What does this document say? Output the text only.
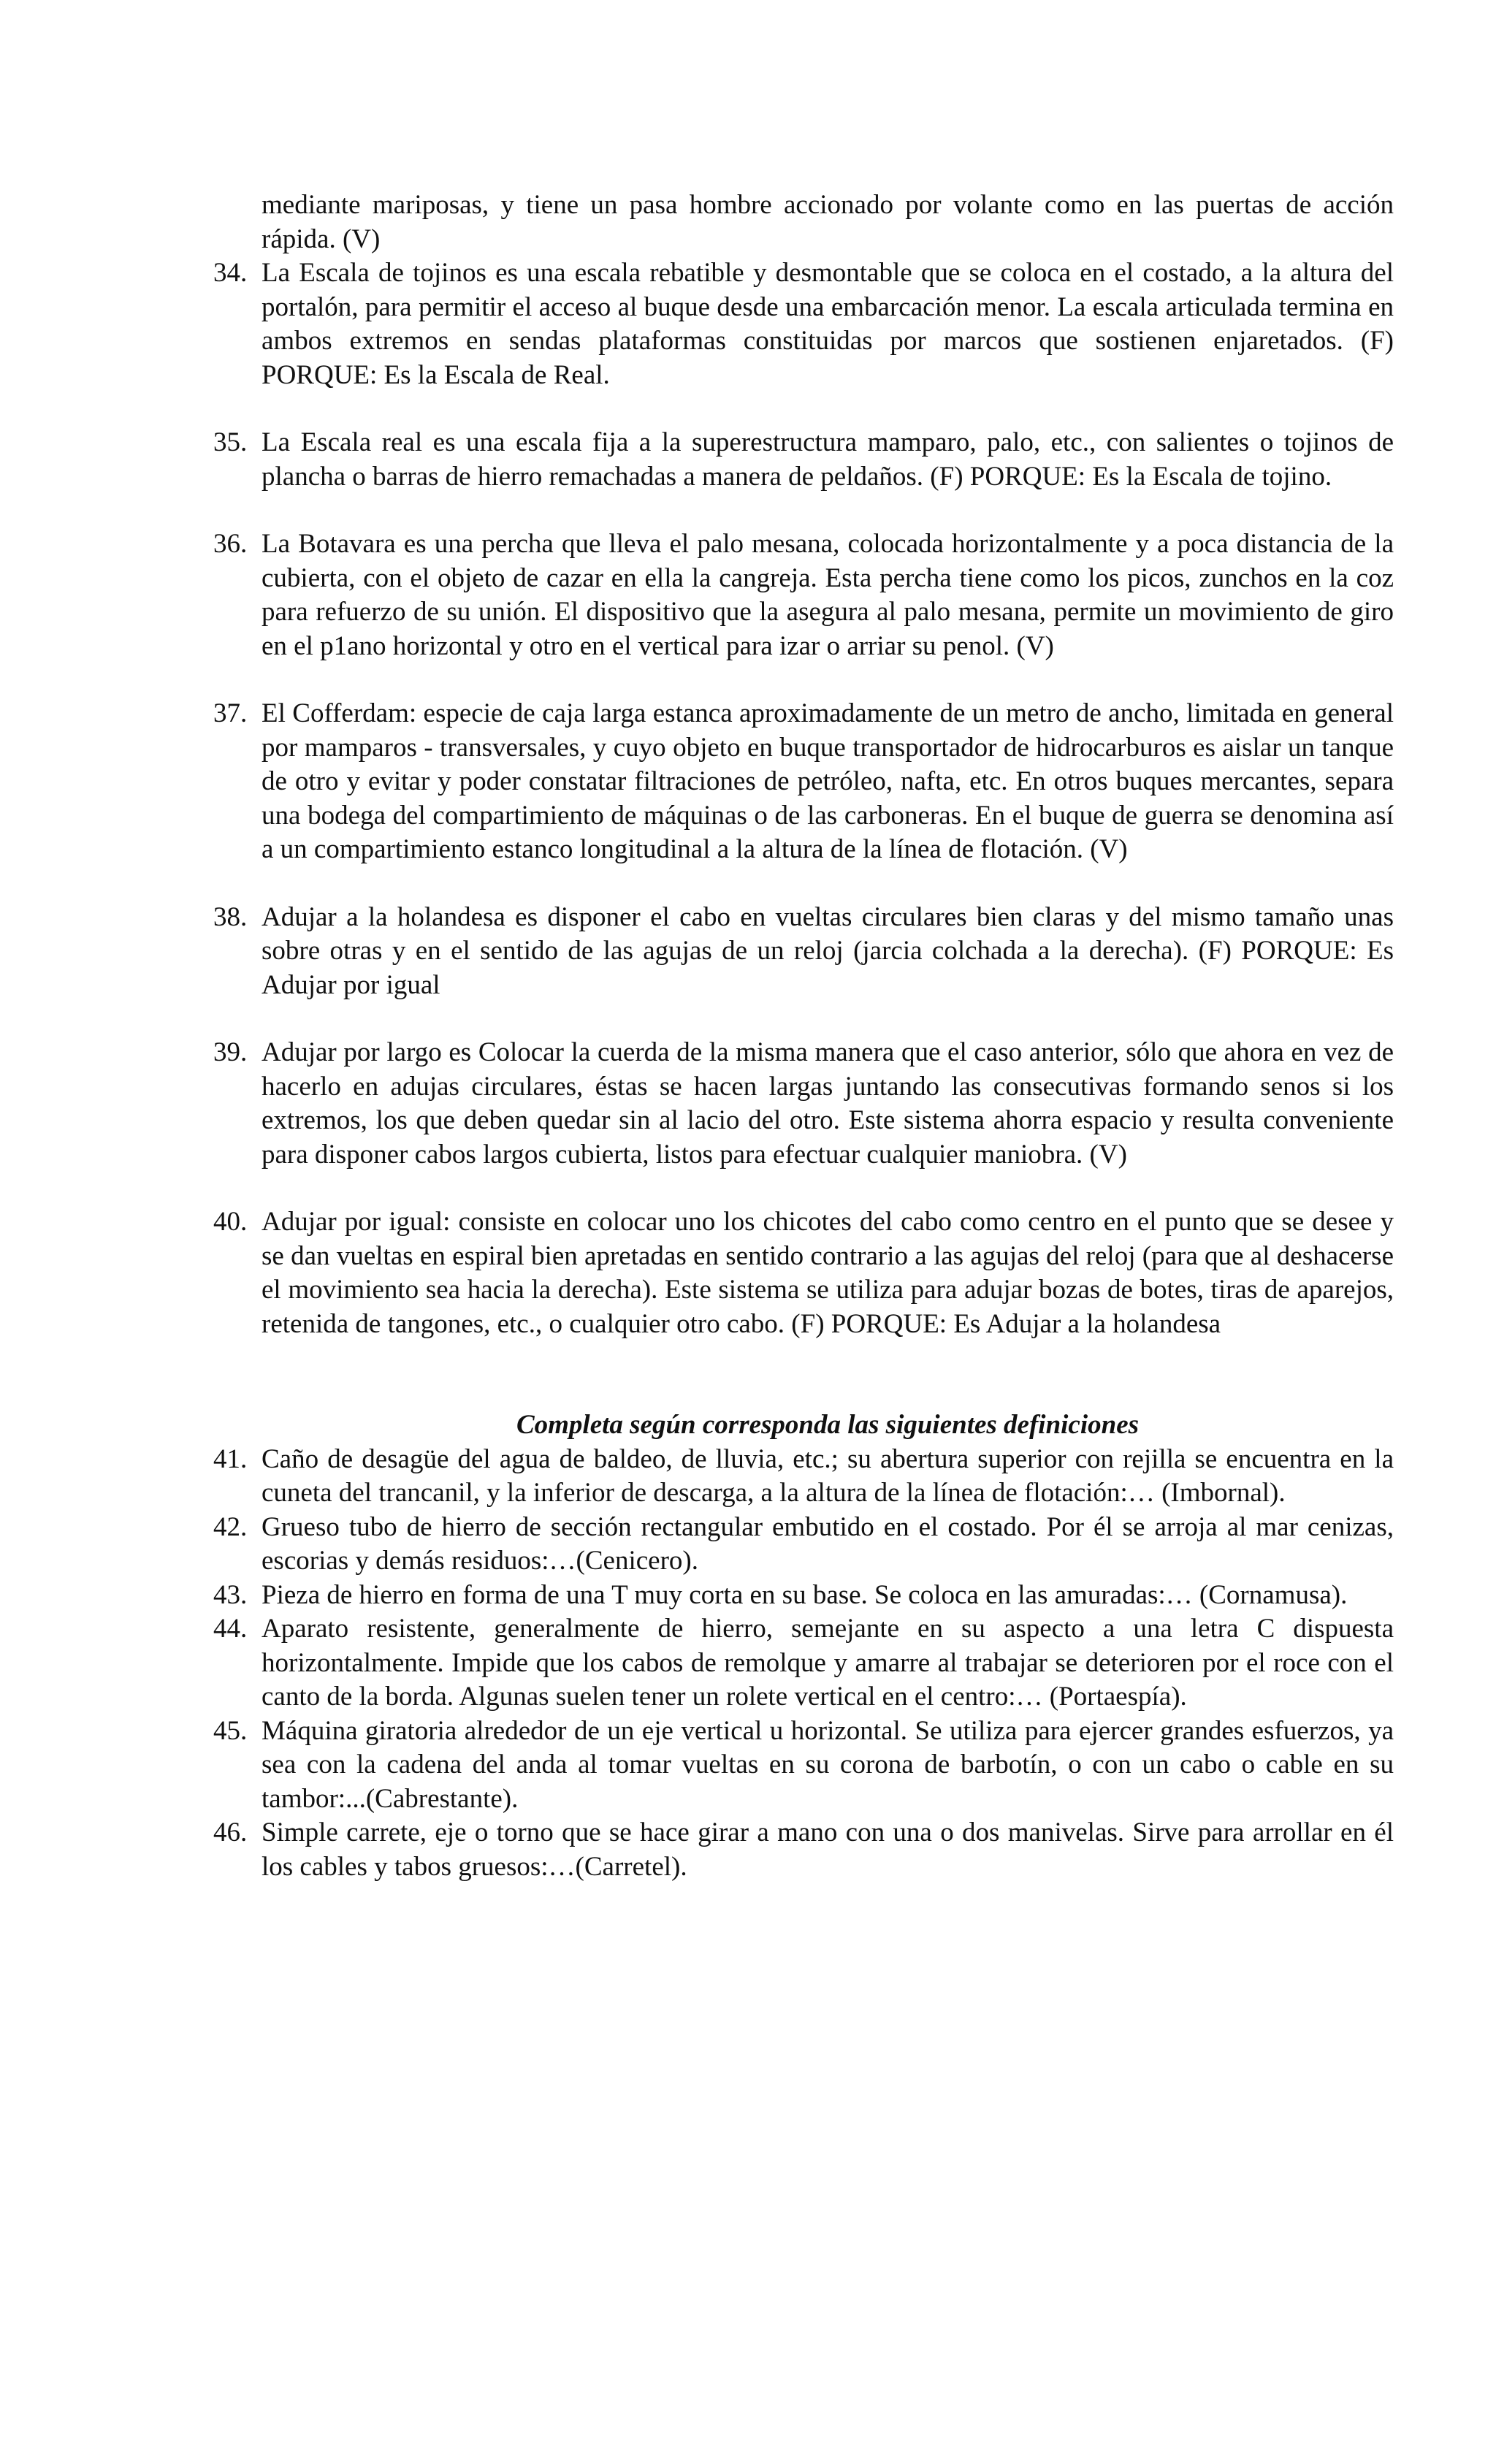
mediante mariposas, y tiene un pasa hombre accionado por volante como en las puertas de acción rápida. (V)

34. La Escala de tojinos es una escala rebatible y desmontable que se coloca en el costado, a la altura del portalón, para permitir el acceso al buque desde una embarcación menor. La escala articulada termina en ambos extremos en sendas plataformas constituidas por marcos que sostienen enjaretados. (F) PORQUE: Es la Escala de Real.
35. La Escala real es una escala fija a la superestructura mamparo, palo, etc., con salientes o tojinos de plancha o barras de hierro remachadas a manera de peldaños. (F) PORQUE: Es la Escala de tojino.
36. La Botavara es una percha que lleva el palo mesana, colocada horizontalmente y a poca distancia de la cubierta, con el objeto de cazar en ella la cangreja. Esta percha tiene como los picos, zunchos en la coz para refuerzo de su unión. El dispositivo que la asegura al palo mesana, permite un movimiento de giro en el p1ano horizontal y otro en el vertical para izar o arriar su penol. (V)
37. El Cofferdam: especie de caja larga estanca aproximadamente de un metro de ancho, limitada en general por mamparos - transversales, y cuyo objeto en buque transportador de hidrocarburos es aislar un tanque de otro y evitar y poder constatar filtraciones de petróleo, nafta, etc. En otros buques mercantes, separa una bodega del compartimiento de máquinas o de las carboneras. En el buque de guerra se denomina así a un compartimiento estanco longitudinal a la altura de la línea de flotación. (V)
38. Adujar a la holandesa es disponer el cabo en vueltas circulares bien claras y del mismo tamaño unas sobre otras y en el sentido de las agujas de un reloj (jarcia colchada a la derecha). (F) PORQUE: Es Adujar por igual
39. Adujar por largo es Colocar la cuerda de la misma manera que el caso anterior, sólo que ahora en vez de hacerlo en adujas circulares, éstas se hacen largas juntando las consecutivas formando senos si los extremos, los que deben quedar sin al lacio del otro. Este sistema ahorra espacio y resulta conveniente para disponer cabos largos cubierta, listos para efectuar cualquier maniobra. (V)
40. Adujar por igual: consiste en colocar uno los chicotes del cabo como centro en el punto que se desee y se dan vueltas en espiral bien apretadas en sentido contrario a las agujas del reloj (para que al deshacerse el movimiento sea hacia la derecha). Este sistema se utiliza para adujar bozas de botes, tiras de aparejos, retenida de tangones, etc., o cualquier otro cabo. (F) PORQUE: Es Adujar a la holandesa
Completa según corresponda las siguientes definiciones
41. Caño de desagüe del agua de baldeo, de lluvia, etc.; su abertura superior con rejilla se encuentra en la cuneta del trancanil, y la inferior de descarga, a la altura de la línea de flotación:… (Imbornal).
42. Grueso tubo de hierro de sección rectangular embutido en el costado. Por él se arroja al mar cenizas, escorias y demás residuos:…(Cenicero).
43. Pieza de hierro en forma de una T muy corta en su base. Se coloca en las amuradas:… (Cornamusa).
44. Aparato resistente, generalmente de hierro, semejante en su aspecto a una letra C dispuesta horizontalmente. Impide que los cabos de remolque y amarre al trabajar se deterioren por el roce con el canto de la borda. Algunas suelen tener un rolete vertical en el centro:… (Portaespía).
45. Máquina giratoria alrededor de un eje vertical u horizontal. Se utiliza para ejercer grandes esfuerzos, ya sea con la cadena del anda al tomar vueltas en su corona de barbotín, o con un cabo o cable en su tambor:...(Cabrestante).
46. Simple carrete, eje o torno que se hace girar a mano con una o dos manivelas. Sirve para arrollar en él los cables y tabos gruesos:…(Carretel).
